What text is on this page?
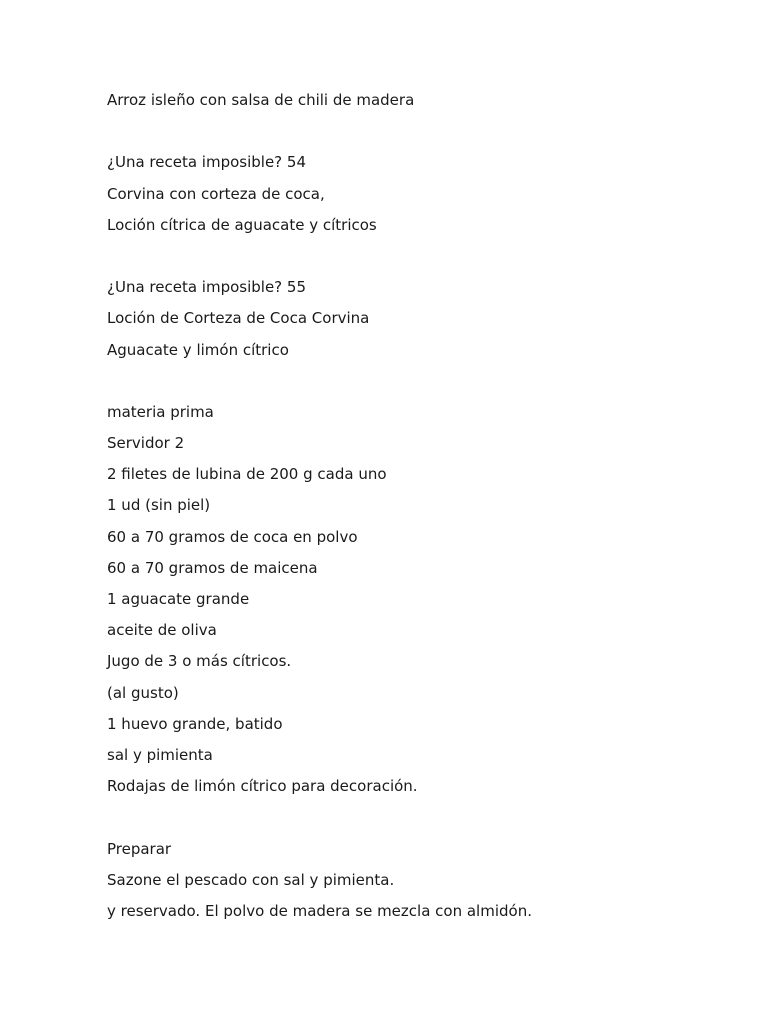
Arroz isleño con salsa de chili de madera
¿Una receta imposible? 54
Corvina con corteza de coca,
Loción cítrica de aguacate y cítricos
¿Una receta imposible? 55
Loción de Corteza de Coca Corvina
Aguacate y limón cítrico
materia prima
Servidor 2
2 filetes de lubina de 200 g cada uno
1 ud (sin piel)
60 a 70 gramos de coca en polvo
60 a 70 gramos de maicena
1 aguacate grande
aceite de oliva
Jugo de 3 o más cítricos.
(al gusto)
1 huevo grande, batido
sal y pimienta
Rodajas de limón cítrico para decoración.
Preparar
Sazone el pescado con sal y pimienta.
y reservado. El polvo de madera se mezcla con almidón.
